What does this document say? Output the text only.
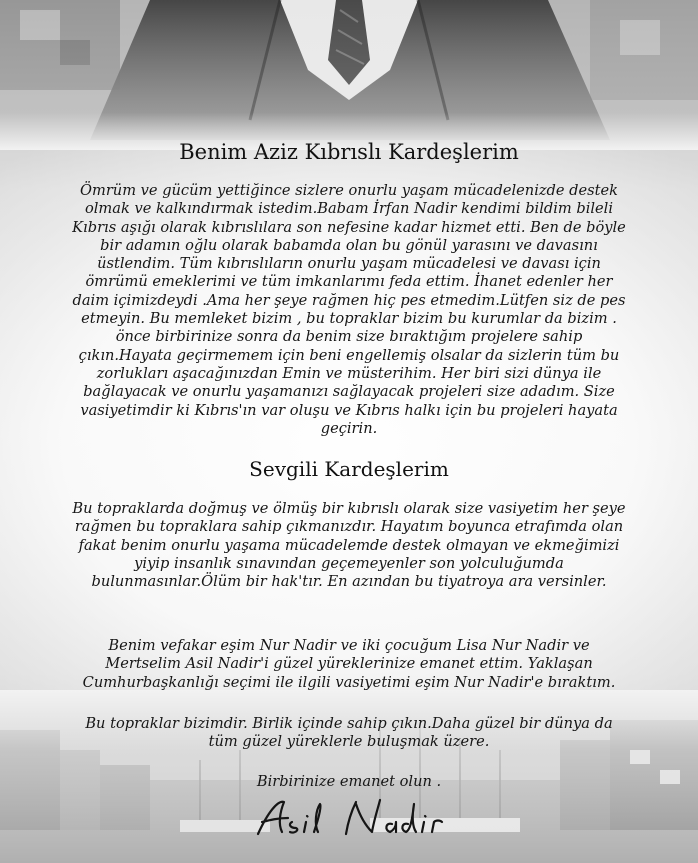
Benim Aziz Kıbrıslı Kardeşlerim
Ömrüm ve gücüm yettiğince sizlere onurlu yaşam mücadelenizde destek olmak ve kalkındırmak istedim.Babam İrfan Nadir kendimi bildim bileli Kıbrıs aşığı olarak kıbrıslılara son nefesine kadar hizmet etti. Ben de böyle bir adamın oğlu olarak babamda olan bu gönül yarasını ve davasını üstlendim. Tüm kıbrıslıların onurlu yaşam mücadelesi ve davası için ömrümü emeklerimi ve tüm imkanlarımı feda ettim. İhanet edenler her daim içimizdeydi .Ama her şeye rağmen hiç pes etmedim.Lütfen siz de pes etmeyin. Bu memleket bizim , bu topraklar bizim bu kurumlar da bizim . önce birbirinize sonra da benim size bıraktığım projelere sahip çıkın.Hayata geçirmemem için beni engellemiş olsalar da sizlerin tüm bu zorlukları aşacağınızdan Emin ve müsterihim. Her biri sizi dünya ile bağlayacak ve onurlu yaşamanızı sağlayacak projeleri size adadım. Size vasiyetimdir ki Kıbrıs'ın var oluşu ve Kıbrıs halkı için bu projeleri hayata geçirin.
Sevgili Kardeşlerim
Bu topraklarda doğmuş ve ölmüş bir kıbrıslı olarak size vasiyetim her şeye rağmen bu topraklara sahip çıkmanızdır. Hayatım boyunca etrafımda olan fakat benim onurlu yaşama mücadelemde destek olmayan ve ekmeğimizi yiyip insanlık sınavından geçemeyenler son yolculuğumda bulunmasınlar.Ölüm bir hak'tır. En azından bu tiyatroya ara versinler.
Benim vefakar eşim Nur Nadir ve iki çocuğum Lisa Nur Nadir ve Mertselim Asil Nadir'i güzel yüreklerinize emanet ettim. Yaklaşan Cumhurbaşkanlığı seçimi ile ilgili vasiyetimi eşim Nur Nadir'e bıraktım.
Bu topraklar bizimdir. Birlik içinde sahip çıkın.Daha güzel bir dünya da tüm güzel yüreklerle buluşmak üzere.
Birbirinize emanet olun .
